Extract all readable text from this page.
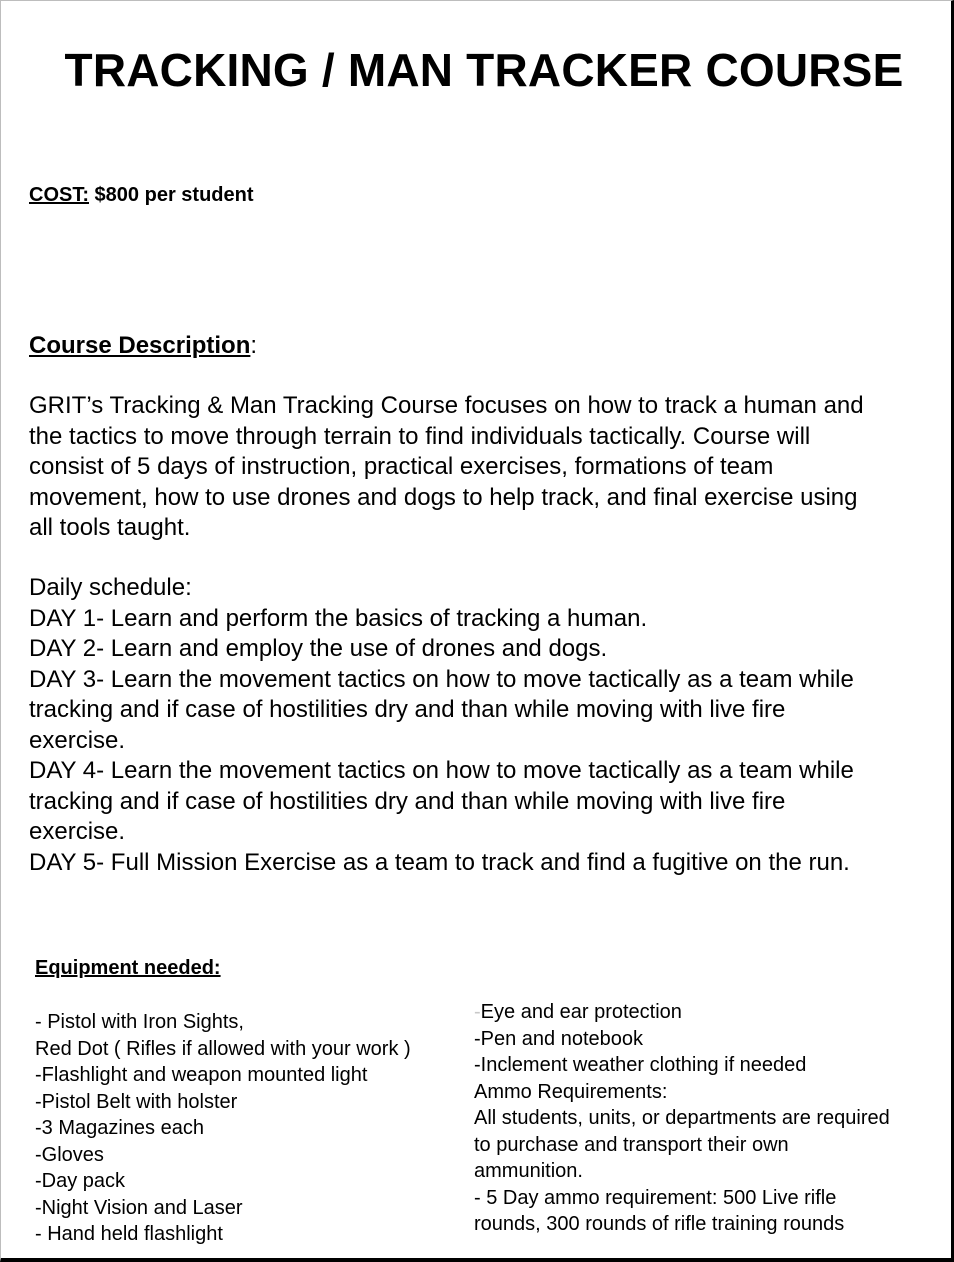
TRACKING / MAN TRACKER COURSE

COST: $800 per student

Course Description:

GRIT’s Tracking & Man Tracking Course focuses on how to track a human and
the tactics to move through terrain to find individuals tactically. Course will
consist of 5 days of instruction, practical exercises, formations of team
movement, how to use drones and dogs to help track, and final exercise using
all tools taught.
Daily schedule:
DAY 1- Learn and perform the basics of tracking a human.
DAY 2- Learn and employ the use of drones and dogs.
DAY 3- Learn the movement tactics on how to move tactically as a team while
tracking and if case of hostilities dry and than while moving with live fire
exercise.
DAY 4- Learn the movement tactics on how to move tactically as a team while
tracking and if case of hostilities dry and than while moving with live fire
exercise.
DAY 5- Full Mission Exercise as a team to track and find a fugitive on the run.

Equipment needed:

- Pistol with Iron Sights,
Red Dot ( Rifles if allowed with your work )
-Flashlight and weapon mounted light
-Pistol Belt with holster
-3 Magazines each
-Gloves
-Day pack
-Night Vision and Laser
- Hand held flashlight
-Eye and ear protection
-Pen and notebook
-Inclement weather clothing if needed
Ammo Requirements:
All students, units, or departments are required
to purchase and transport their own
ammunition.
- 5 Day ammo requirement: 500 Live rifle
rounds, 300 rounds of rifle training rounds
